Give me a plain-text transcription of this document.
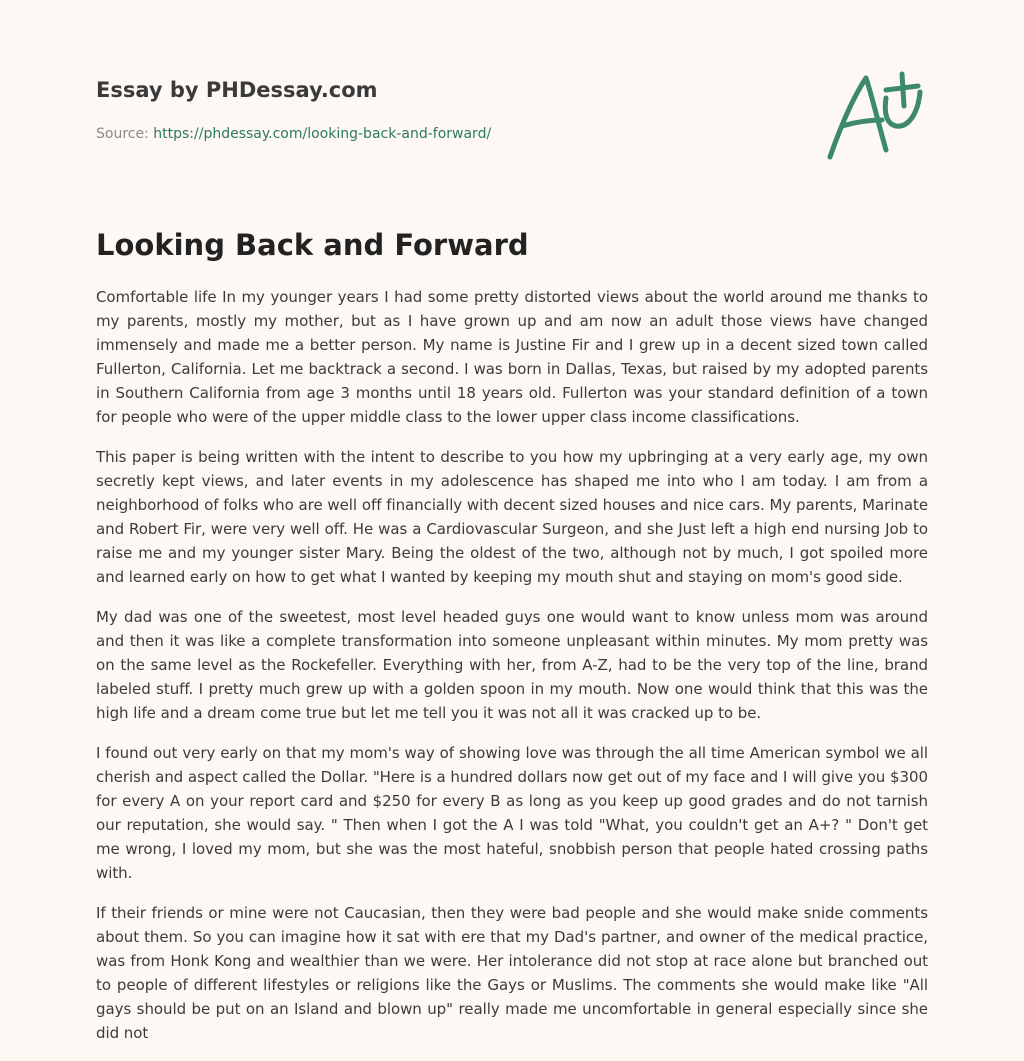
Essay by PHDessay.com
Source: https://phdessay.com/looking-back-and-forward/
Looking Back and Forward

Comfortable life In my younger years I had some pretty distorted views about the world around me thanks to my parents, mostly my mother, but as I have grown up and am now an adult those views have changed immensely and made me a better person. My name is Justine Fir and I grew up in a decent sized town called Fullerton, California. Let me backtrack a second. I was born in Dallas, Texas, but raised by my adopted parents in Southern California from age 3 months until 18 years old. Fullerton was your standard definition of a town for people who were of the upper middle class to the lower upper class income classifications.

This paper is being written with the intent to describe to you how my upbringing at a very early age, my own secretly kept views, and later events in my adolescence has shaped me into who I am today. I am from a neighborhood of folks who are well off financially with decent sized houses and nice cars. My parents, Marinate and Robert Fir, were very well off. He was a Cardiovascular Surgeon, and she Just left a high end nursing Job to raise me and my younger sister Mary. Being the oldest of the two, although not by much, I got spoiled more and learned early on how to get what I wanted by keeping my mouth shut and staying on mom's good side.

My dad was one of the sweetest, most level headed guys one would want to know unless mom was around and then it was like a complete transformation into someone unpleasant within minutes. My mom pretty was on the same level as the Rockefeller. Everything with her, from A-Z, had to be the very top of the line, brand labeled stuff. I pretty much grew up with a golden spoon in my mouth. Now one would think that this was the high life and a dream come true but let me tell you it was not all it was cracked up to be.

I found out very early on that my mom's way of showing love was through the all time American symbol we all cherish and aspect called the Dollar. "Here is a hundred dollars now get out of my face and I will give you $300 for every A on your report card and $250 for every B as long as you keep up good grades and do not tarnish our reputation, she would say. " Then when I got the A I was told "What, you couldn't get an A+? " Don't get me wrong, I loved my mom, but she was the most hateful, snobbish person that people hated crossing paths with.

If their friends or mine were not Caucasian, then they were bad people and she would make snide comments about them. So you can imagine how it sat with ere that my Dad's partner, and owner of the medical practice, was from Honk Kong and wealthier than we were. Her intolerance did not stop at race alone but branched out to people of different lifestyles or religions like the Gays or Muslims. The comments she would make like "All gays should be put on an Island and blown up" really made me uncomfortable in general especially since she did not
